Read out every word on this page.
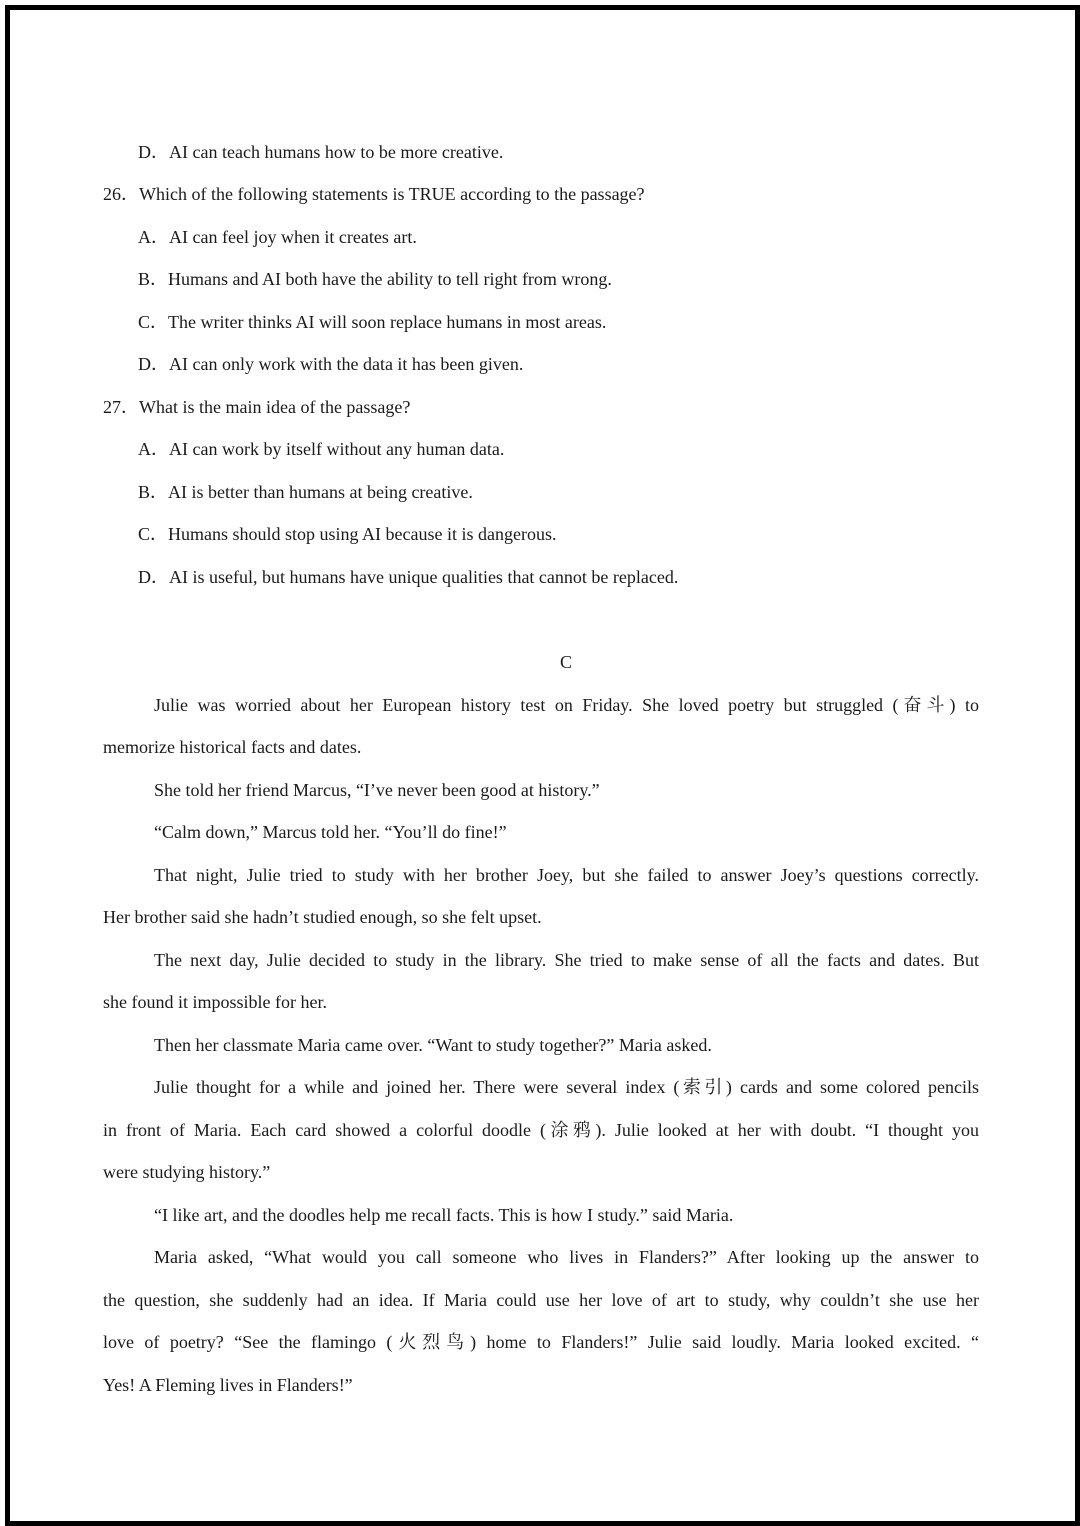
D．AI can teach humans how to be more creative.
26．Which of the following statements is TRUE according to the passage?
A．AI can feel joy when it creates art.
B．Humans and AI both have the ability to tell right from wrong.
C．The writer thinks AI will soon replace humans in most areas.
D．AI can only work with the data it has been given.
27．What is the main idea of the passage?
A．AI can work by itself without any human data.
B．AI is better than humans at being creative.
C．Humans should stop using AI because it is dangerous.
D．AI is useful, but humans have unique qualities that cannot be replaced.
C
Julie was worried about her European history test on Friday. She loved poetry but struggled (奋斗) to
memorize historical facts and dates.
She told her friend Marcus, “I’ve never been good at history.”
“Calm down,” Marcus told her. “You’ll do fine!”
That night, Julie tried to study with her brother Joey, but she failed to answer Joey’s questions correctly.
Her brother said she hadn’t studied enough, so she felt upset.
The next day, Julie decided to study in the library. She tried to make sense of all the facts and dates. But
she found it impossible for her.
Then her classmate Maria came over. “Want to study together?” Maria asked.
Julie thought for a while and joined her. There were several index (索引) cards and some colored pencils
in front of Maria. Each card showed a colorful doodle (涂鸦). Julie looked at her with doubt. “I thought you
were studying history.”
“I like art, and the doodles help me recall facts. This is how I study.” said Maria.
Maria asked, “What would you call someone who lives in Flanders?” After looking up the answer to
the question, she suddenly had an idea. If Maria could use her love of art to study, why couldn’t she use her
love of poetry? “See the flamingo (火烈鸟) home to Flanders!” Julie said loudly. Maria looked excited. “
Yes! A Fleming lives in Flanders!”
